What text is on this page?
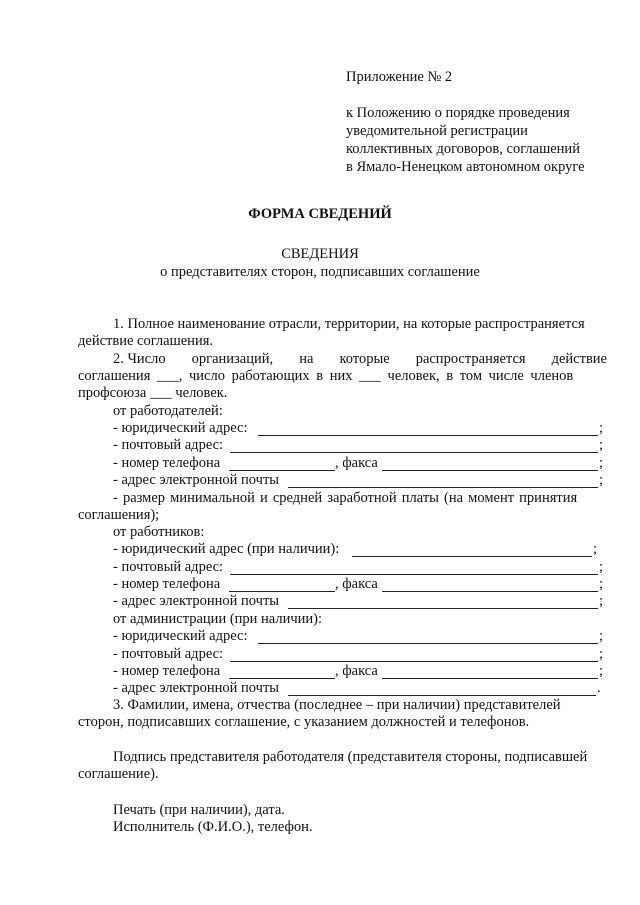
Приложение № 2
к Положению о порядке проведения
уведомительной регистрации
коллективных договоров, соглашений
в Ямало-Ненецком автономном округе
ФОРМА СВЕДЕНИЙ
СВЕДЕНИЯ
о представителях сторон, подписавших соглашение
1. Полное наименование отрасли, территории, на которые распространяется
действие соглашения.
2. Число организаций, на которые распространяется действие
соглашения ___, число работающих в них ___ человек, в том числе членов
профсоюза ___ человек.
от работодателей:
- юридический адрес:	;
- почтовый адрес:	;
- номер телефона	, факса	;
- адрес электронной почты	;
- размер минимальной и средней заработной платы (на момент принятия
соглашения);
от работников:
- юридический адрес (при наличии):	;
- почтовый адрес:	;
- номер телефона	, факса	;
- адрес электронной почты	;
от администрации (при наличии):
- юридический адрес:	;
- почтовый адрес:	;
- номер телефона	, факса	;
- адрес электронной почты	.
3. Фамилии, имена, отчества (последнее – при наличии) представителей
сторон, подписавших соглашение, с указанием должностей и телефонов.
Подпись представителя работодателя (представителя стороны, подписавшей
соглашение).
Печать (при наличии), дата.
Исполнитель (Ф.И.О.), телефон.
